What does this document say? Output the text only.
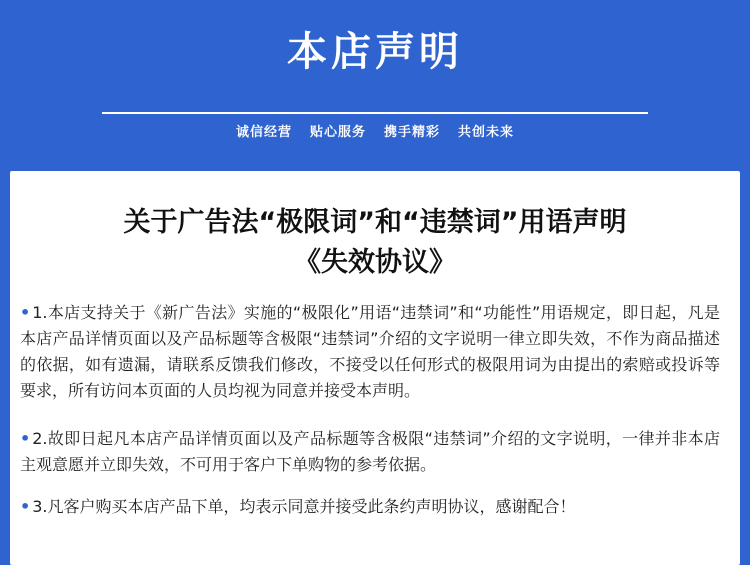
本店声明
诚信经营 贴心服务 携手精彩 共创未来
关于广告法“极限词”和“违禁词”用语声明
《失效协议》
• 1.本店支持关于《新广告法》实施的“极限化”用语“违禁词”和“功能性”用语规定，即日起，凡是本店产品详情页面以及产品标题等含极限“违禁词”介绍的文字说明一律立即失效，不作为商品描述的依据，如有遗漏，请联系反馈我们修改，不接受以任何形式的极限用词为由提出的索赔或投诉等要求，所有访问本页面的人员均视为同意并接受本声明。
• 2.故即日起凡本店产品详情页面以及产品标题等含极限“违禁词”介绍的文字说明，一律并非本店主观意愿并立即失效，不可用于客户下单购物的参考依据。
• 3.凡客户购买本店产品下单，均表示同意并接受此条约声明协议，感谢配合！
